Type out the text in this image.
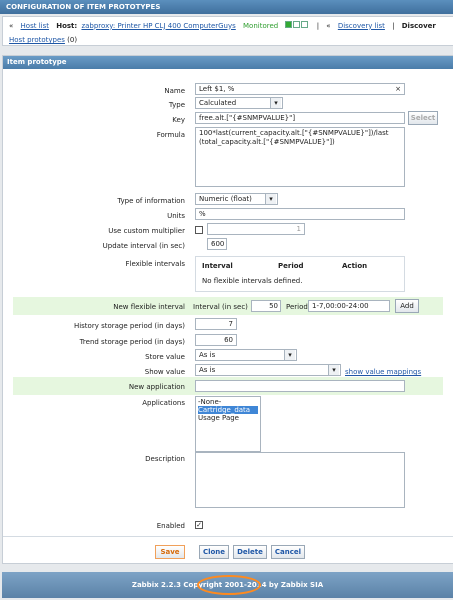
CONFIGURATION OF ITEM PROTOTYPES
« Host list Host: zabproxy: Printer HP CLJ 400 ComputerGuys Monitored	| « Discovery list | Discover
Host prototypes (0)
Item prototype
Name	Left $1, %	×
Type	Calculated ▾
Key	free.alt.["{#SNMPVALUE}"]	Select
Formula	100*last(current_capacity.alt.["{#SNMPVALUE}"])/last
(total_capacity.alt.["{#SNMPVALUE}"])
Type of information	Numeric (float) ▾
Units	%
Use custom multiplier	1
Update interval (in sec)	600
Flexible intervals Interval	Period	Action
No flexible intervals defined.
New flexible interval Interval (in sec)	50	Period 1-7,00:00-24:00	Add
History storage period (in days)	7
Trend storage period (in days)	60
Store value	As is ▾
Show value	As is ▾	show value mappings
New application
Applications -None-
Cartridge_data
Usage Page
Description
Enabled ✓
Save	Clone	Delete	Cancel
Zabbix 2.2.3 Copyright 2001-2014 by Zabbix SIA
